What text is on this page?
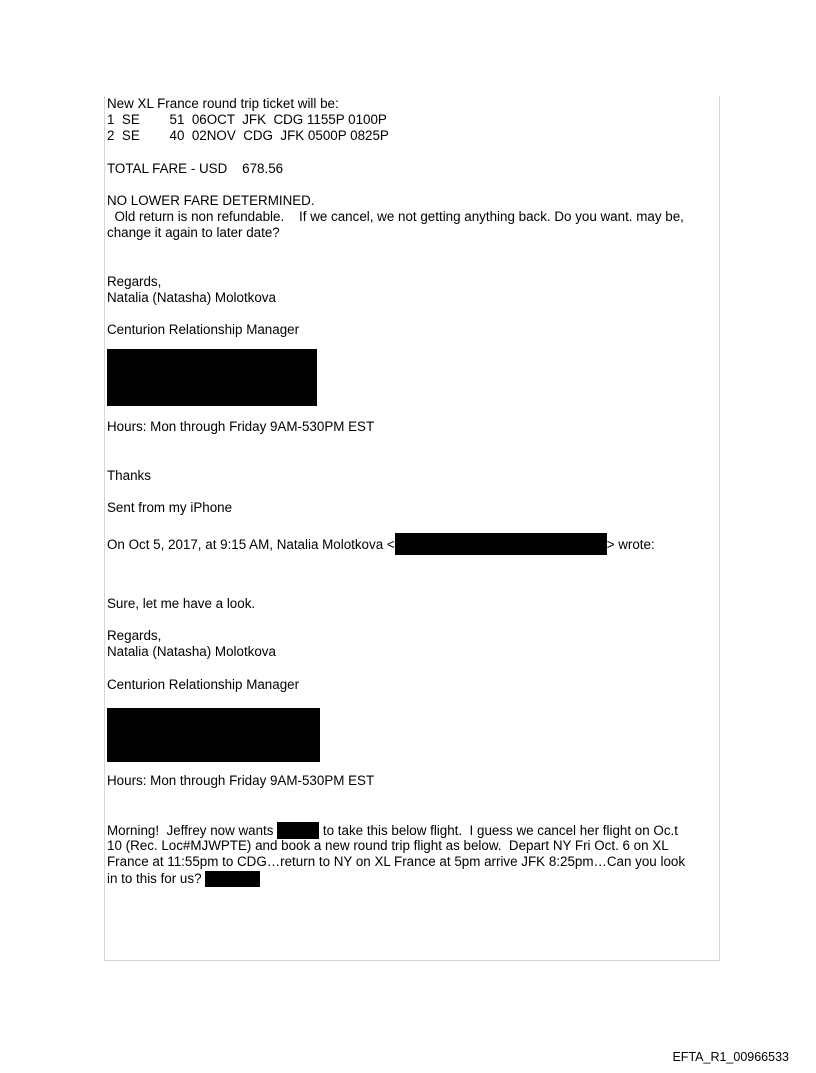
New XL France round trip ticket will be:
1  SE        51  06OCT  JFK  CDG 1155P 0100P
2  SE        40  02NOV  CDG  JFK 0500P 0825P
TOTAL FARE - USD    678.56
NO LOWER FARE DETERMINED.
Old return is non refundable.    If we cancel, we not getting anything back. Do you want. may be,
change it again to later date?
Regards,
Natalia (Natasha) Molotkova
Centurion Relationship Manager
Hours: Mon through Friday 9AM-530PM EST
Thanks
Sent from my iPhone
On Oct 5, 2017, at 9:15 AM, Natalia Molotkova <	> wrote:
Sure, let me have a look.
Regards,
Natalia (Natasha) Molotkova
Centurion Relationship Manager
Hours: Mon through Friday 9AM-530PM EST
Morning!  Jeffrey now wants	to take this below flight.  I guess we cancel her flight on Oc.t
10 (Rec. Loc#MJWPTE) and book a new round trip flight as below.  Depart NY Fri Oct. 6 on XL
France at 11:55pm to CDG…return to NY on XL France at 5pm arrive JFK 8:25pm…Can you look
in to this for us?
EFTA_R1_00966533
